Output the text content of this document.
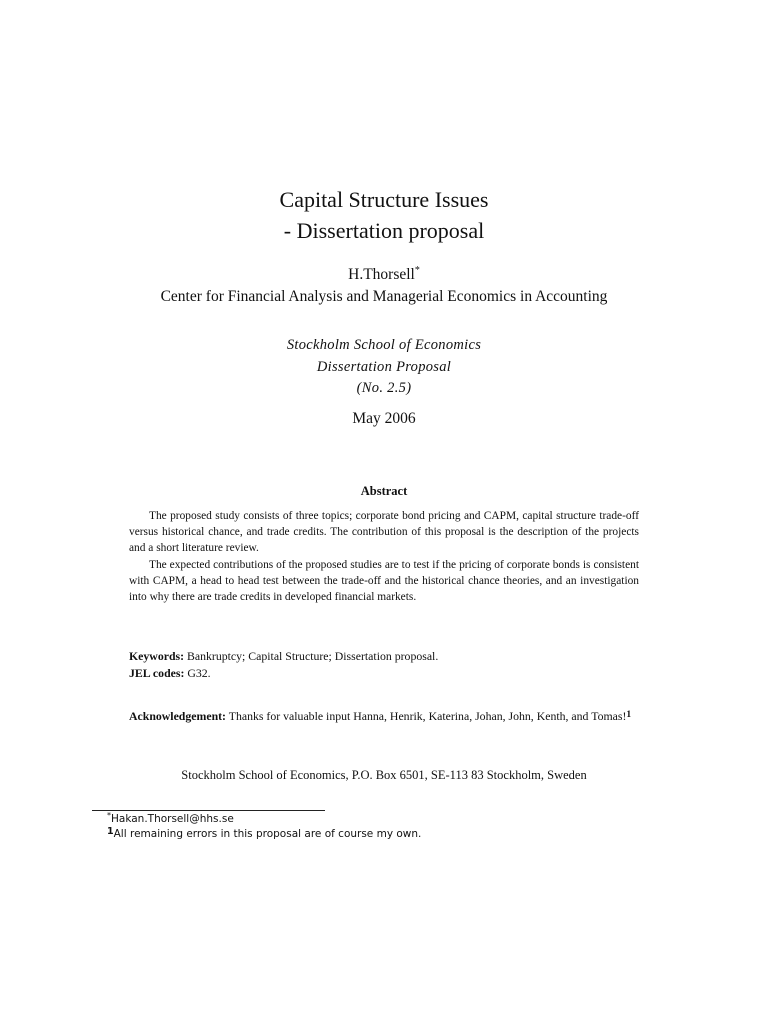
Capital Structure Issues
- Dissertation proposal
H.Thorsell*
Center for Financial Analysis and Managerial Economics in Accounting
Stockholm School of Economics
Dissertation Proposal
(No. 2.5)
May 2006
Abstract

The proposed study consists of three topics; corporate bond pricing and CAPM, capital structure trade-off versus historical chance, and trade credits. The contribution of this proposal is the description of the projects and a short literature review.

The expected contributions of the proposed studies are to test if the pricing of corporate bonds is consistent with CAPM, a head to head test between the trade-off and the historical chance theories, and an investigation into why there are trade credits in developed financial markets.

Keywords: Bankruptcy; Capital Structure; Dissertation proposal.
JEL codes: G32.
Acknowledgement: Thanks for valuable input Hanna, Henrik, Katerina, Johan, John, Kenth, and Tomas!$^1$
Stockholm School of Economics, P.O. Box 6501, SE-113 83 Stockholm, Sweden
*Hakan.Thorsell@hhs.se
1All remaining errors in this proposal are of course my own.
